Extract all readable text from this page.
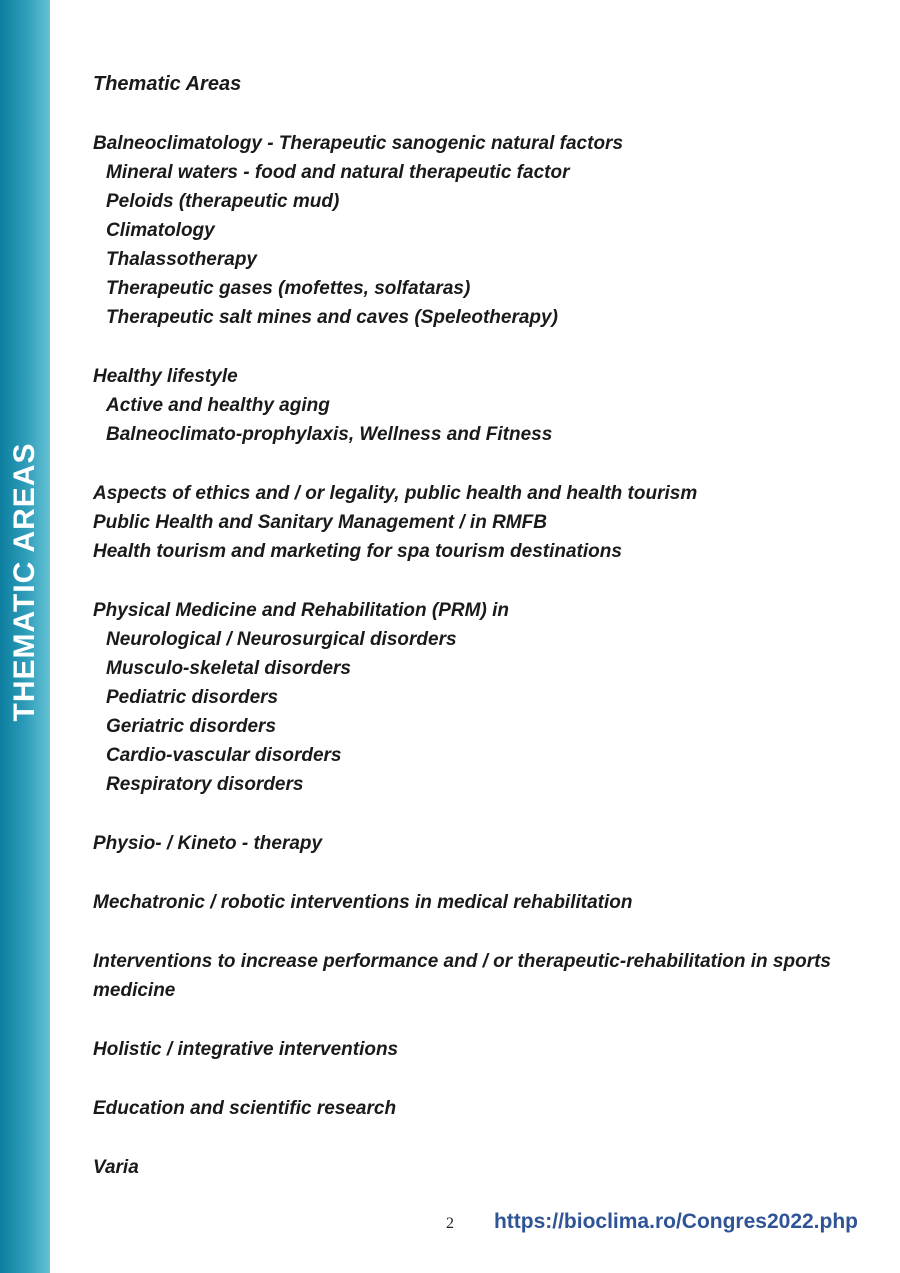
THEMATIC AREAS

Thematic Areas

Balneoclimatology - Therapeutic sanogenic natural factors
Mineral waters - food and natural therapeutic factor
Peloids (therapeutic mud)
Climatology
Thalassotherapy
Therapeutic gases (mofettes, solfataras)
Therapeutic salt mines and caves (Speleotherapy)
Healthy lifestyle
Active and healthy aging
Balneoclimato-prophylaxis, Wellness and Fitness
Aspects of ethics and / or legality, public health and health tourism
Public Health and Sanitary Management / in RMFB
Health tourism and marketing for spa tourism destinations
Physical Medicine and Rehabilitation (PRM) in
Neurological / Neurosurgical disorders
Musculo-skeletal disorders
Pediatric disorders
Geriatric disorders
Cardio-vascular disorders
Respiratory disorders
Physio- / Kineto - therapy
Mechatronic / robotic interventions in medical rehabilitation
Interventions to increase performance and / or therapeutic-rehabilitation in sports medicine
Holistic / integrative interventions
Education and scientific research
Varia
2 https://bioclima.ro/Congres2022.php
